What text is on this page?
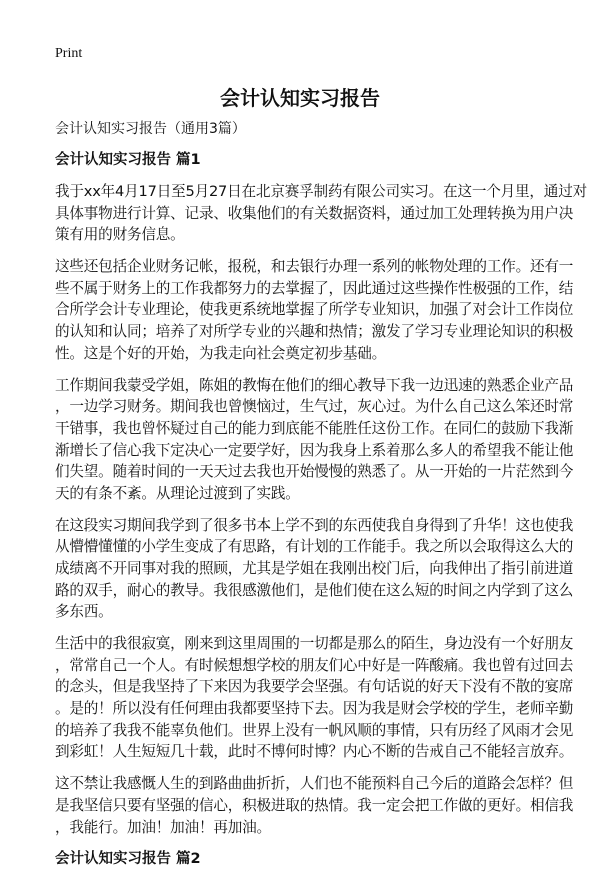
Print
会计认知实习报告
会计认知实习报告（通用3篇）
会计认知实习报告 篇1
我于xx年4月17日至5月27日在北京赛孚制药有限公司实习。在这一个月里，通过对
具体事物进行计算、记录、收集他们的有关数据资料，通过加工处理转换为用户决
策有用的财务信息。
这些还包括企业财务记帐，报税，和去银行办理一系列的帐物处理的工作。还有一
些不属于财务上的工作我都努力的去掌握了，因此通过这些操作性极强的工作，结
合所学会计专业理论，使我更系统地掌握了所学专业知识，加强了对会计工作岗位
的认知和认同；培养了对所学专业的兴趣和热情；激发了学习专业理论知识的积极
性。这是个好的开始，为我走向社会奠定初步基础。
工作期间我蒙受学姐，陈姐的教悔在他们的细心教导下我一边迅速的熟悉企业产品
，一边学习财务。期间我也曾懊恼过，生气过，灰心过。为什么自己这么笨还时常
干错事，我也曾怀疑过自己的能力到底能不能胜任这份工作。在同仁的鼓励下我渐
渐增长了信心我下定决心一定要学好，因为我身上系着那么多人的希望我不能让他
们失望。随着时间的一天天过去我也开始慢慢的熟悉了。从一开始的一片茫然到今
天的有条不紊。从理论过渡到了实践。
在这段实习期间我学到了很多书本上学不到的东西使我自身得到了升华！这也使我
从懵懵懂懂的小学生变成了有思路，有计划的工作能手。我之所以会取得这么大的
成绩离不开同事对我的照顾，尤其是学姐在我刚出校门后，向我伸出了指引前进道
路的双手，耐心的教导。我很感激他们，是他们使在这么短的时间之内学到了这么
多东西。
生活中的我很寂寞，刚来到这里周围的一切都是那么的陌生，身边没有一个好朋友
，常常自己一个人。有时候想想学校的朋友们心中好是一阵酸痛。我也曾有过回去
的念头，但是我坚持了下来因为我要学会坚强。有句话说的好天下没有不散的宴席
。是的！所以没有任何理由我都要坚持下去。因为我是财会学校的学生，老师辛勤
的培养了我我不能辜负他们。世界上没有一帆风顺的事情，只有历经了风雨才会见
到彩虹！人生短短几十载，此时不博何时博？内心不断的告戒自己不能轻言放弃。
这不禁让我感慨人生的到路曲曲折折，人们也不能预料自己今后的道路会怎样？但
是我坚信只要有坚强的信心，积极进取的热情。我一定会把工作做的更好。相信我
，我能行。加油！加油！再加油。
会计认知实习报告 篇2
